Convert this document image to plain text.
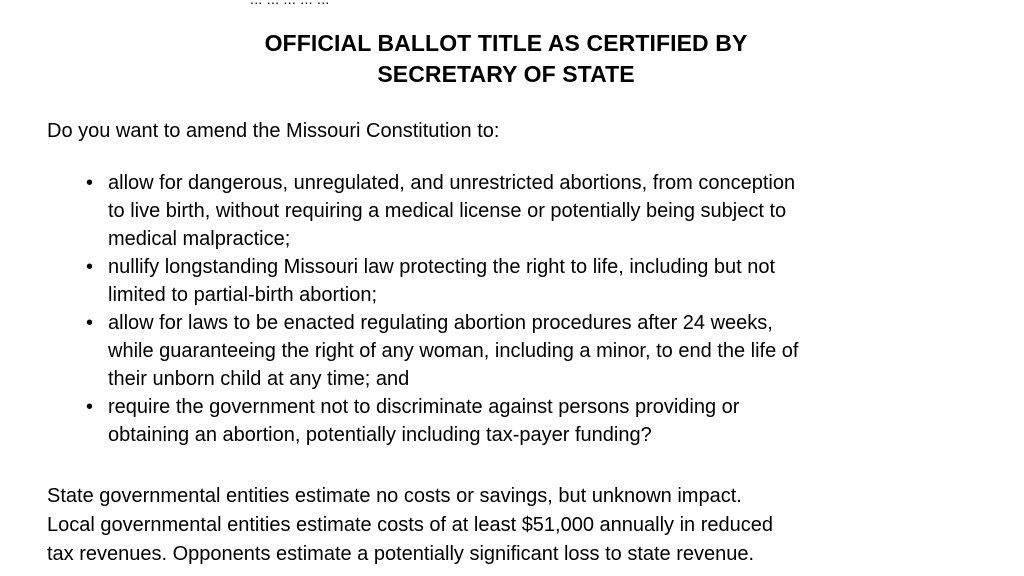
OFFICIAL BALLOT TITLE AS CERTIFIED BY
SECRETARY OF STATE
Do you want to amend the Missouri Constitution to:
• allow for dangerous, unregulated, and unrestricted abortions, from conception
to live birth, without requiring a medical license or potentially being subject to
medical malpractice;
• nullify longstanding Missouri law protecting the right to life, including but not
limited to partial-birth abortion;
• allow for laws to be enacted regulating abortion procedures after 24 weeks,
while guaranteeing the right of any woman, including a minor, to end the life of
their unborn child at any time; and
• require the government not to discriminate against persons providing or
obtaining an abortion, potentially including tax-payer funding?
State governmental entities estimate no costs or savings, but unknown impact.
Local governmental entities estimate costs of at least $51,000 annually in reduced
tax revenues. Opponents estimate a potentially significant loss to state revenue.
